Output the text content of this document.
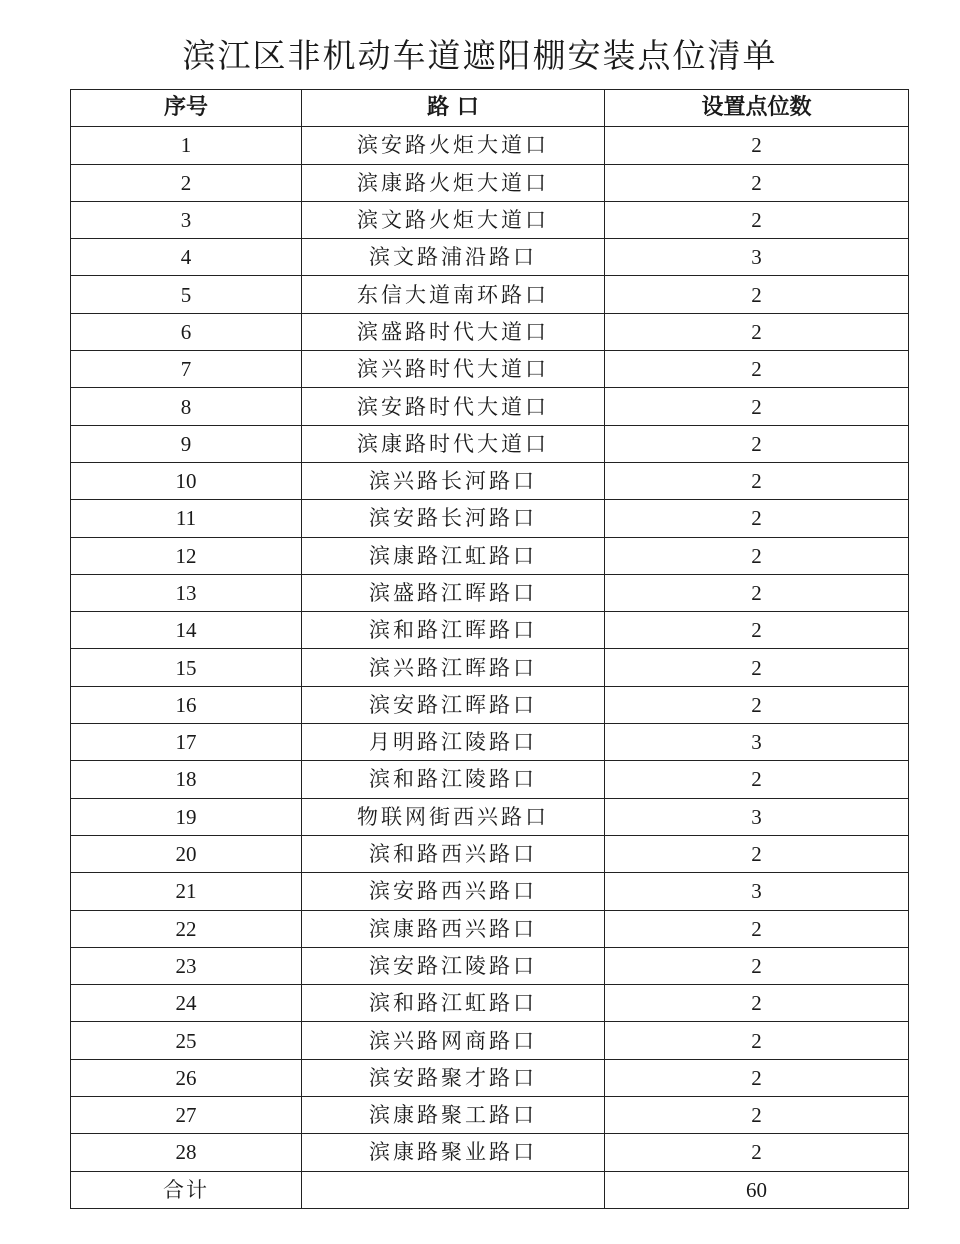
滨江区非机动车道遮阳棚安装点位清单
序号	路 口	设置点位数
1	滨安路火炬大道口	2
2	滨康路火炬大道口	2
3	滨文路火炬大道口	2
4	滨文路浦沿路口	3
5	东信大道南环路口	2
6	滨盛路时代大道口	2
7	滨兴路时代大道口	2
8	滨安路时代大道口	2
9	滨康路时代大道口	2
10	滨兴路长河路口	2
11	滨安路长河路口	2
12	滨康路江虹路口	2
13	滨盛路江晖路口	2
14	滨和路江晖路口	2
15	滨兴路江晖路口	2
16	滨安路江晖路口	2
17	月明路江陵路口	3
18	滨和路江陵路口	2
19	物联网街西兴路口	3
20	滨和路西兴路口	2
21	滨安路西兴路口	3
22	滨康路西兴路口	2
23	滨安路江陵路口	2
24	滨和路江虹路口	2
25	滨兴路网商路口	2
26	滨安路聚才路口	2
27	滨康路聚工路口	2
28	滨康路聚业路口	2
合计		60
